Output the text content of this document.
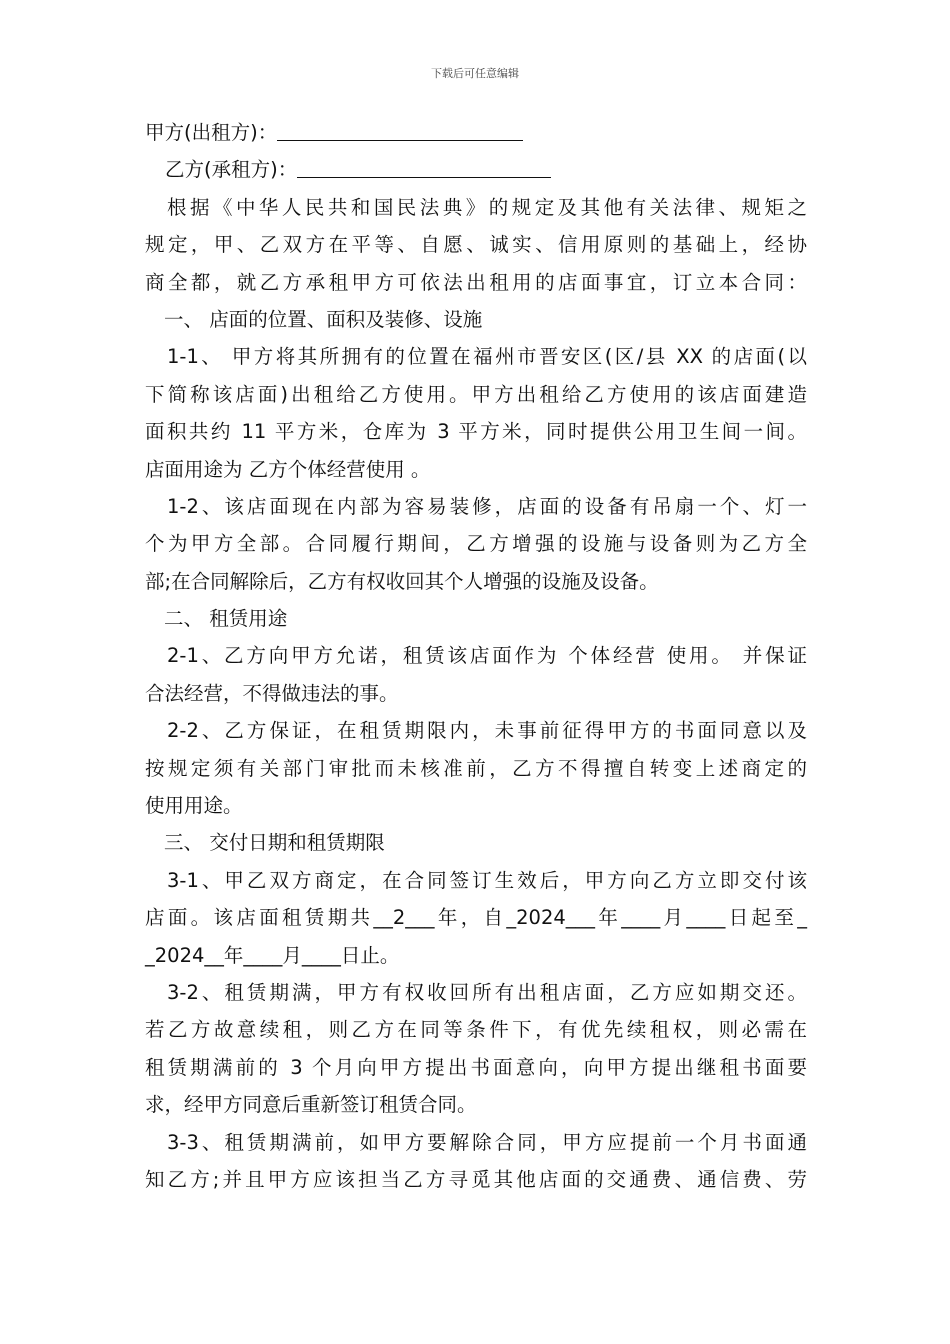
下载后可任意编辑
甲方(出租方)：
乙方(承租方)：
根据《中华人民共和国民法典》的规定及其他有关法律、规矩之
规定，甲、乙双方在平等、自愿、诚实、信用原则的基础上，经协
商全都，就乙方承租甲方可依法出租用的店面事宜，订立本合同：
一、 店面的位置、面积及装修、设施
1-1、 甲方将其所拥有的位置在福州市晋安区(区/县 XX 的店面(以
下简称该店面)出租给乙方使用。甲方出租给乙方使用的该店面建造
面积共约 11 平方米，仓库为 3 平方米，同时提供公用卫生间一间。
店面用途为 乙方个体经营使用 。
1-2、该店面现在内部为容易装修，店面的设备有吊扇一个、灯一
个为甲方全部。合同履行期间，乙方增强的设施与设备则为乙方全
部;在合同解除后，乙方有权收回其个人增强的设施及设备。
二、 租赁用途
2-1、乙方向甲方允诺，租赁该店面作为 个体经营 使用。 并保证
合法经营，不得做违法的事。
2-2、乙方保证，在租赁期限内，未事前征得甲方的书面同意以及
按规定须有关部门审批而未核准前，乙方不得擅自转变上述商定的
使用用途。
三、 交付日期和租赁期限
3-1、甲乙双方商定，在合同签订生效后，甲方向乙方立即交付该
店面。该店面租赁期共__2___年，自_2024___年____月____日起至_
_2024__年____月____日止。
3-2、租赁期满，甲方有权收回所有出租店面，乙方应如期交还。
若乙方故意续租，则乙方在同等条件下，有优先续租权，则必需在
租赁期满前的 3 个月向甲方提出书面意向，向甲方提出继租书面要
求，经甲方同意后重新签订租赁合同。
3-3、租赁期满前，如甲方要解除合同，甲方应提前一个月书面通
知乙方;并且甲方应该担当乙方寻觅其他店面的交通费、通信费、劳
